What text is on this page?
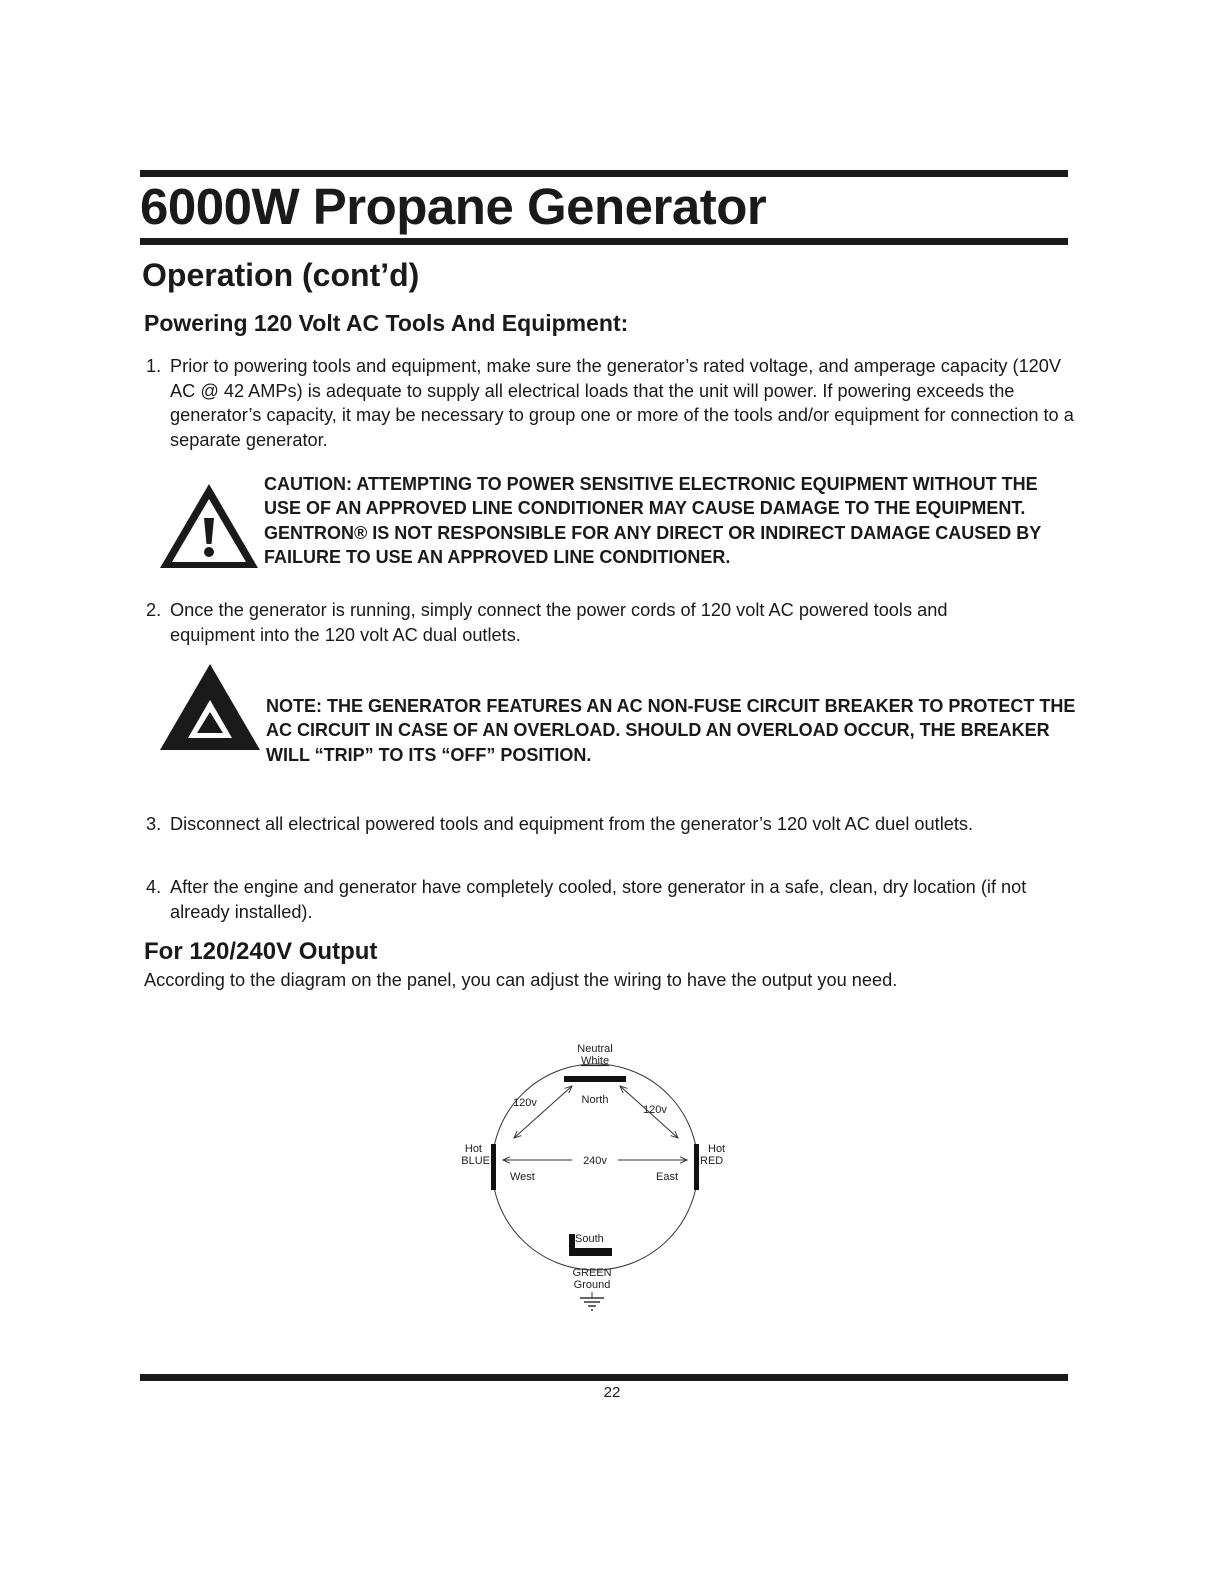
6000W Propane Generator
Operation (cont’d)
Powering 120 Volt AC Tools And Equipment:
1. Prior to powering tools and equipment, make sure the generator’s rated voltage, and amperage capacity (120V AC @ 42 AMPs) is adequate to supply all electrical loads that the unit will power. If powering exceeds the generator’s capacity, it may be necessary to group one or more of the tools and/or equipment for connection to a separate generator.

CAUTION: ATTEMPTING TO POWER SENSITIVE ELECTRONIC EQUIPMENT WITHOUT THE USE OF AN APPROVED LINE CONDITIONER MAY CAUSE DAMAGE TO THE EQUIPMENT. GENTRON® IS NOT RESPONSIBLE FOR ANY DIRECT OR INDIRECT DAMAGE CAUSED BY FAILURE TO USE AN APPROVED LINE CONDITIONER.

2. Once the generator is running, simply connect the power cords of 120 volt AC powered tools and equipment into the 120 volt AC dual outlets.

NOTE: THE GENERATOR FEATURES AN AC NON-FUSE CIRCUIT BREAKER TO PROTECT THE AC CIRCUIT IN CASE OF AN OVERLOAD. SHOULD AN OVERLOAD OCCUR, THE BREAKER WILL “TRIP” TO ITS “OFF” POSITION.

3. Disconnect all electrical powered tools and equipment from the generator’s 120 volt AC duel outlets.
4. After the engine and generator have completely cooled, store generator in a safe, clean, dry location (if not already installed).
For 120/240V Output

According to the diagram on the panel, you can adjust the wiring to have the output you need.

Neutral
White
North
120v
120v
Hot
BLUE
Hot
RED
240v
West	East
South
GREEN
Ground

22
